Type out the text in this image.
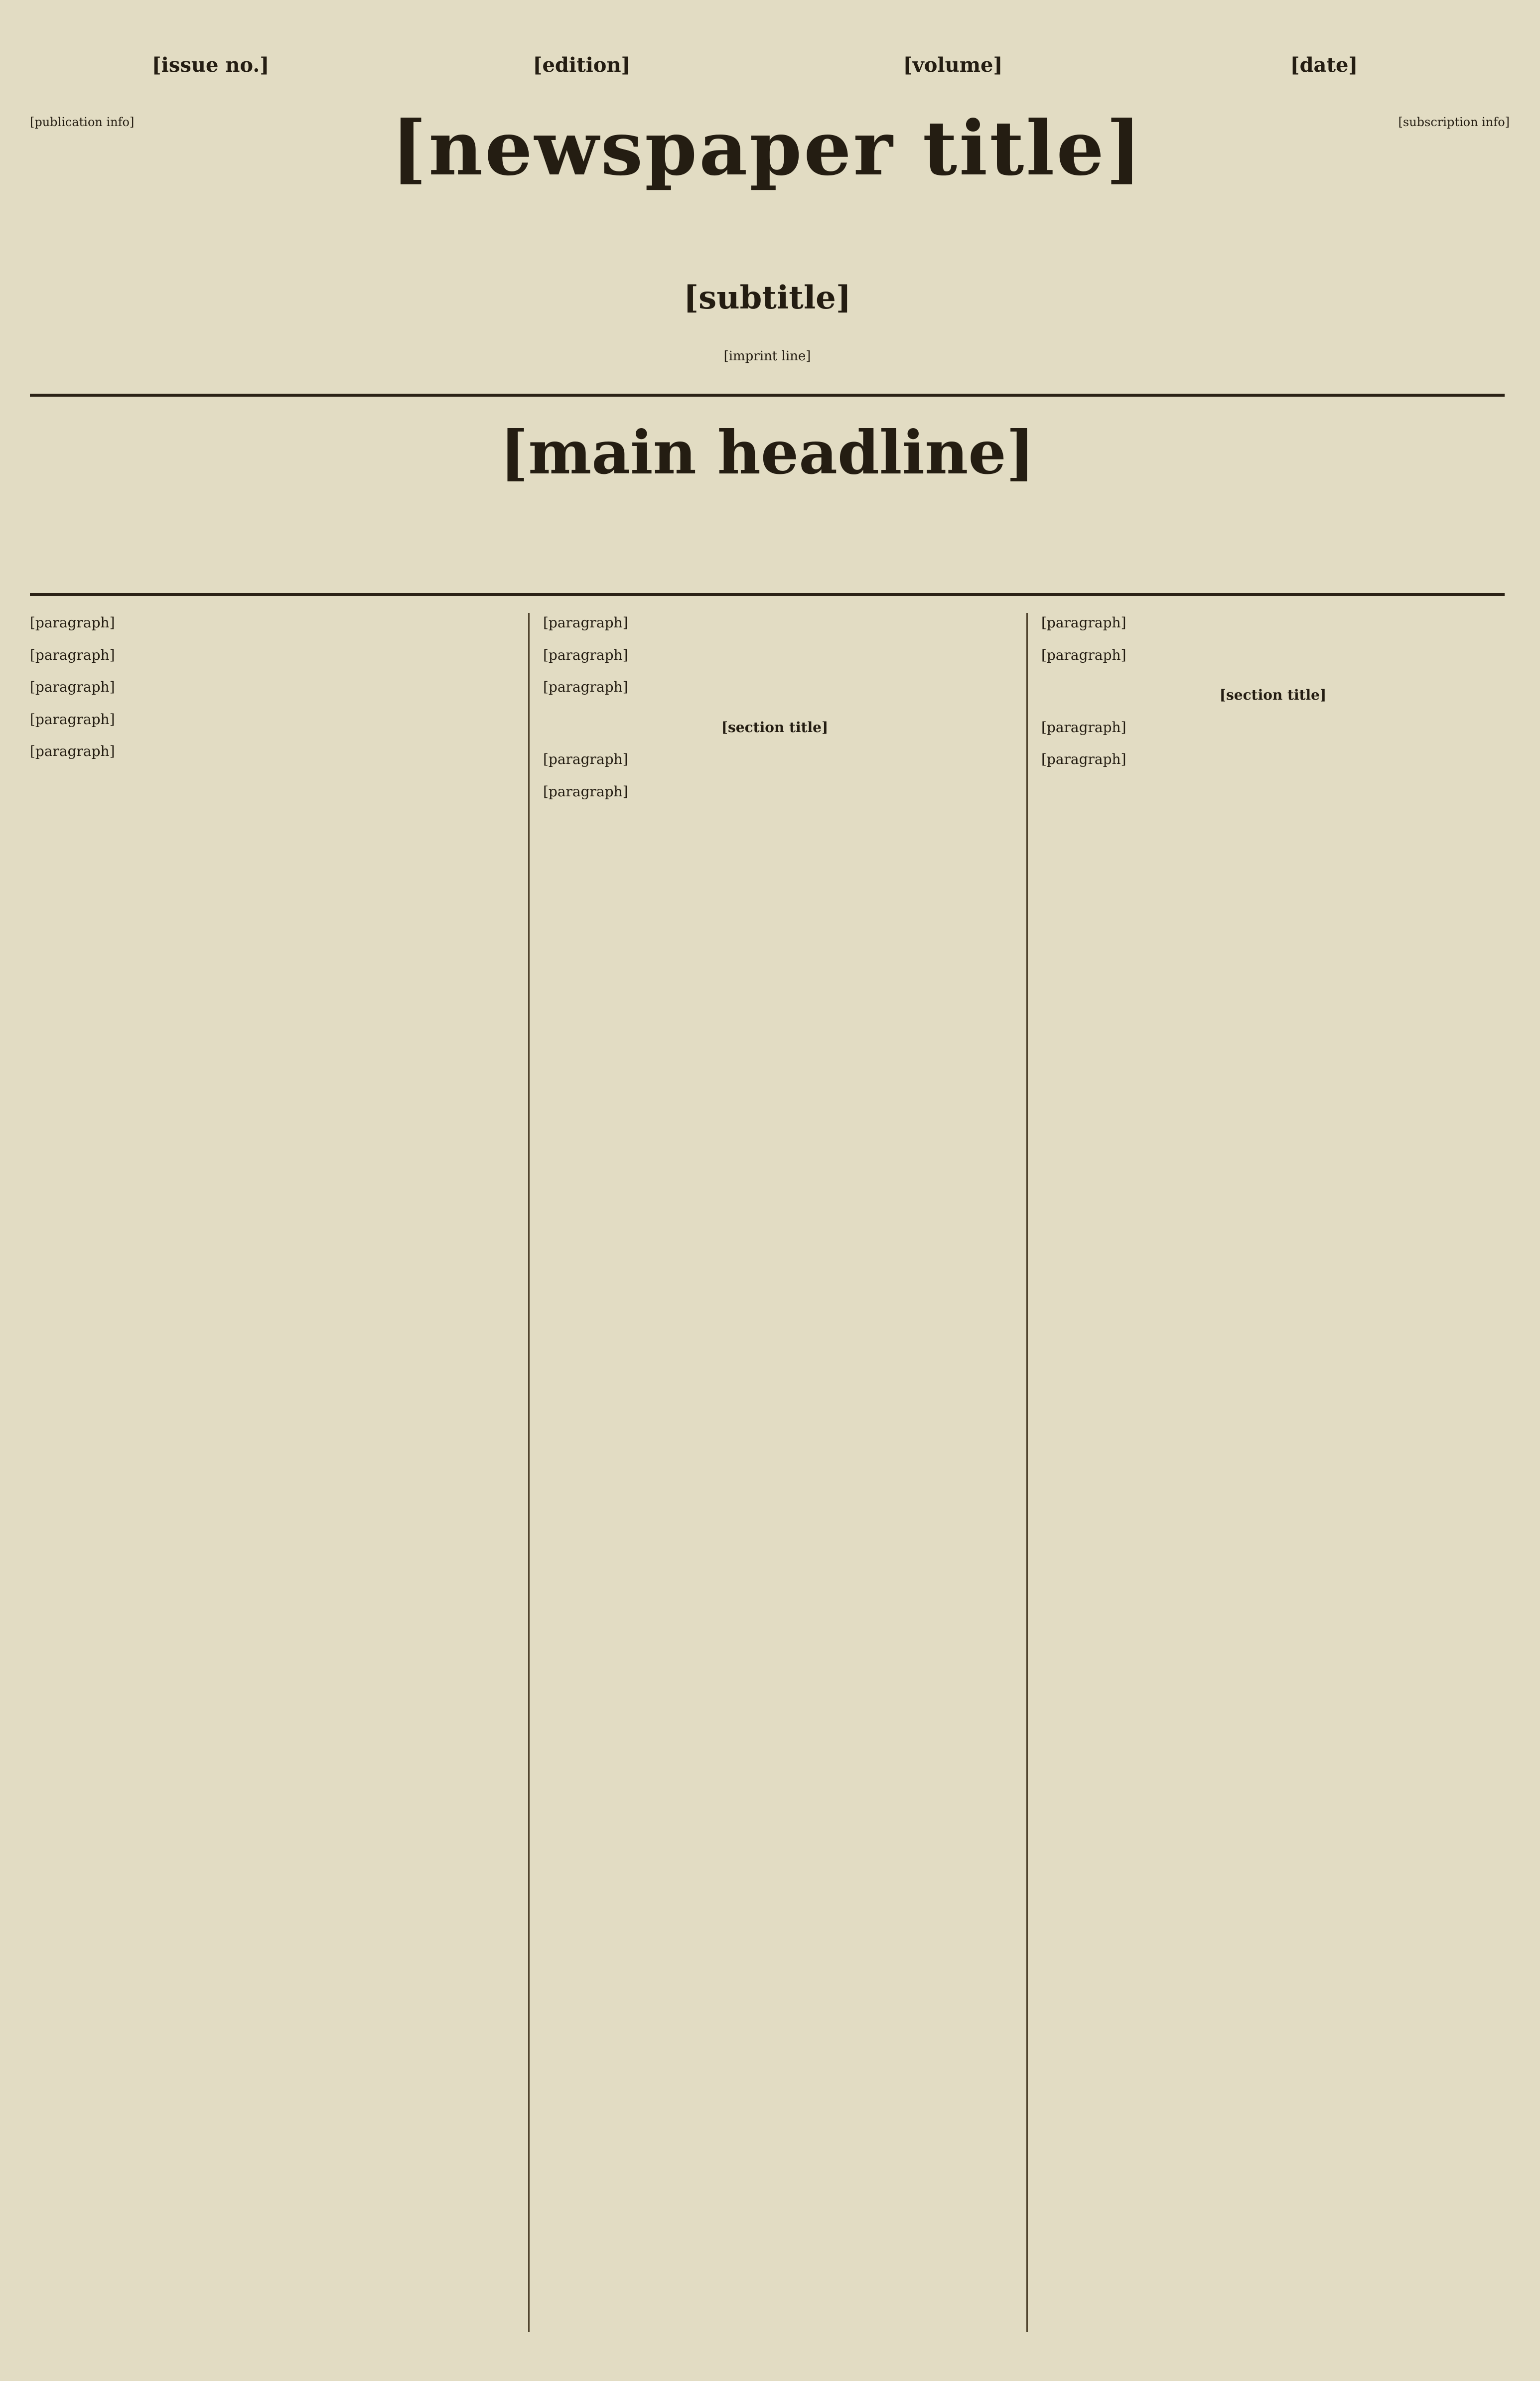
[issue no.]	[edition]	[volume]	[date]
[publication info]	[newspaper title]	[subscription info]
[subtitle]
[imprint line]
[main headline]

[paragraph]

[paragraph]

[paragraph]

[paragraph]

[paragraph]

[paragraph]

[paragraph]

[paragraph]

[section title]

[paragraph]

[paragraph]

[paragraph]

[paragraph]

[section title]

[paragraph]

[paragraph]
